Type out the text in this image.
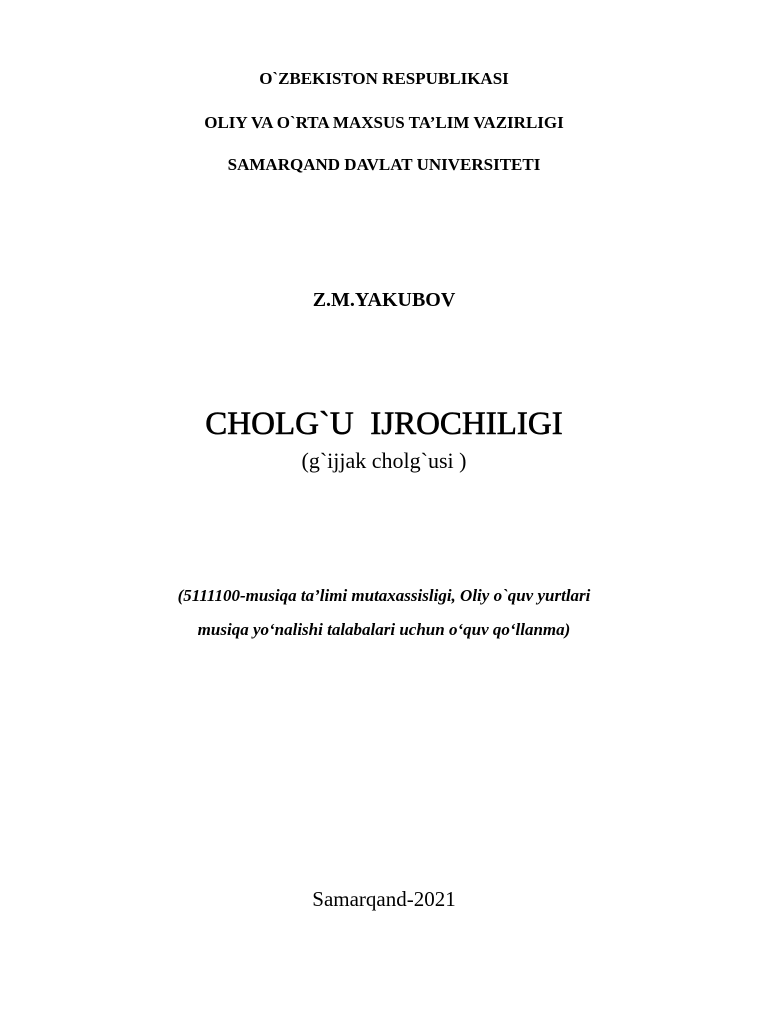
O`ZBEKISTON RESPUBLIKASI
OLIY VA O`RTA MAXSUS TA’LIM VAZIRLIGI
SAMARQAND DAVLAT UNIVERSITETI
Z.M.YAKUBOV
CHOLG`U  IJROCHILIGI
(g`ijjak cholg`usi )
(5111100-musiqa ta’limi mutaxassisligi, Oliy o`quv yurtlari
musiqa yo‘nalishi talabalari uchun o‘quv qo‘llanma)
Samarqand-2021
